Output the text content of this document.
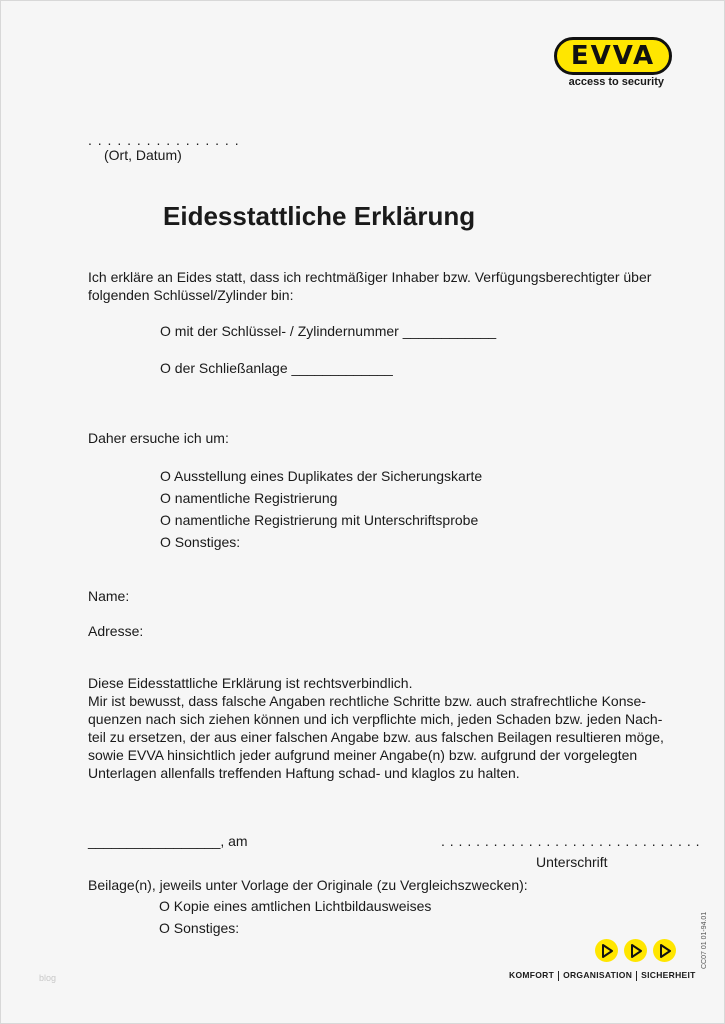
EVVA
access to security
. . . . . . . . . . . . . . . .
(Ort, Datum)
Eidesstattliche Erklärung
Ich erkläre an Eides statt, dass ich rechtmäßiger Inhaber bzw. Verfügungsberechtigter über
folgenden Schlüssel/Zylinder bin:
O mit der Schlüssel- / Zylindernummer ____________
O der Schließanlage _____________
Daher ersuche ich um:
O Ausstellung eines Duplikates der Sicherungskarte
O namentliche Registrierung
O namentliche Registrierung mit Unterschriftsprobe
O Sonstiges:
Name:
Adresse:
Diese Eidesstattliche Erklärung ist rechtsverbindlich.
Mir ist bewusst, dass falsche Angaben rechtliche Schritte bzw. auch strafrechtliche Konse-
quenzen nach sich ziehen können und ich verpflichte mich, jeden Schaden bzw. jeden Nach-
teil zu ersetzen, der aus einer falschen Angabe bzw. aus falschen Beilagen resultieren möge,
sowie EVVA hinsichtlich jeder aufgrund meiner Angabe(n) bzw. aufgrund der vorgelegten
Unterlagen allenfalls treffenden Haftung schad- und klaglos zu halten.
_________________, am	. . . . . . . . . . . . . . . . . . . . . . . . . . . . . .
Unterschrift
Beilage(n), jeweils unter Vorlage der Originale (zu Vergleichszwecken):
O Kopie eines amtlichen Lichtbildausweises
O Sonstiges:
KOMFORT ORGANISATION SICHERHEIT
CC07 01 01-94.01
blog
